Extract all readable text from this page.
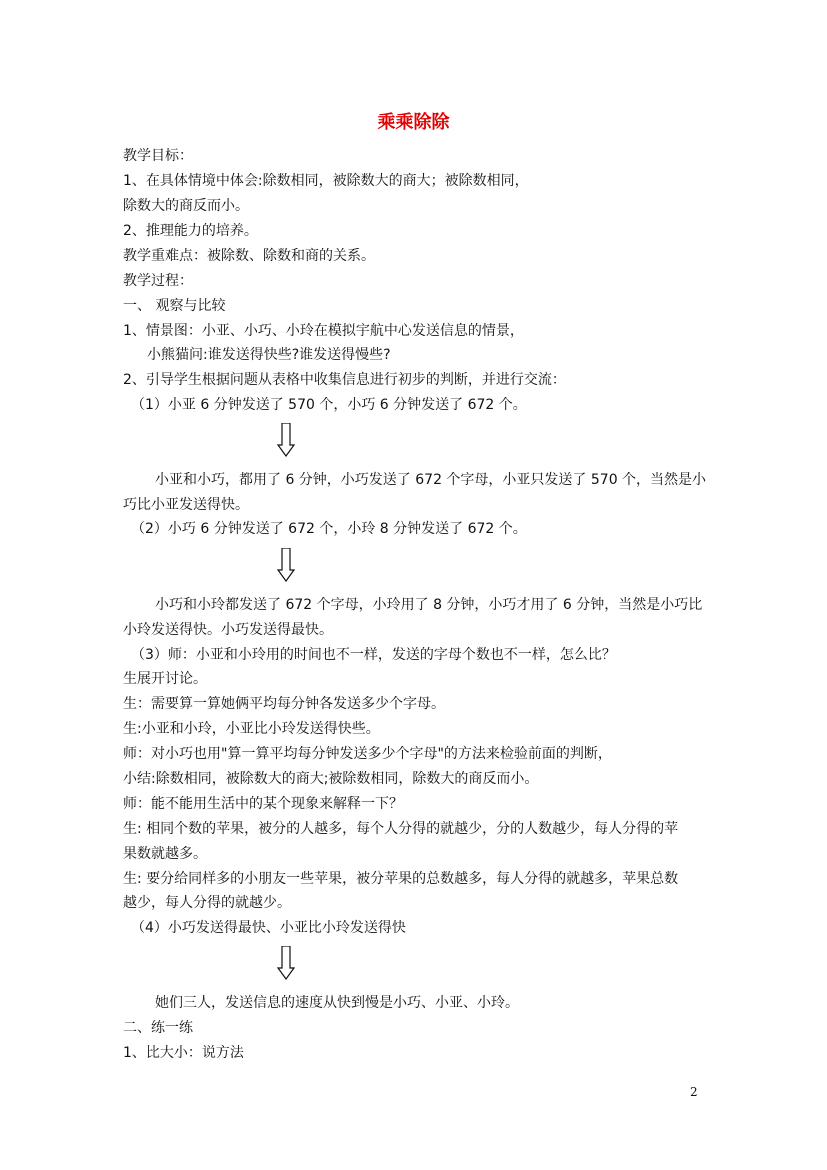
乘乘除除
教学目标：
1、在具体情境中体会:除数相同，被除数大的商大；被除数相同，
除数大的商反而小。
2、推理能力的培养。
教学重难点：被除数、除数和商的关系。
教学过程：
一、 观察与比较
1、情景图：小亚、小巧、小玲在模拟宇航中心发送信息的情景，
小熊猫问:谁发送得快些?谁发送得慢些?
2、引导学生根据问题从表格中收集信息进行初步的判断，并进行交流：
（1）小亚 6 分钟发送了 570 个，小巧 6 分钟发送了 672 个。
小亚和小巧，都用了 6 分钟，小巧发送了 672 个字母，小亚只发送了 570 个，当然是小
巧比小亚发送得快。
（2）小巧 6 分钟发送了 672 个，小玲 8 分钟发送了 672 个。
小巧和小玲都发送了 672 个字母，小玲用了 8 分钟，小巧才用了 6 分钟，当然是小巧比
小玲发送得快。小巧发送得最快。
（3）师：小亚和小玲用的时间也不一样，发送的字母个数也不一样，怎么比？
生展开讨论。
生：需要算一算她俩平均每分钟各发送多少个字母。
生:小亚和小玲，小亚比小玲发送得快些。
师：对小巧也用"算一算平均每分钟发送多少个字母"的方法来检验前面的判断，
小结:除数相同，被除数大的商大;被除数相同，除数大的商反而小。
师：能不能用生活中的某个现象来解释一下？
生: 相同个数的苹果，被分的人越多，每个人分得的就越少，分的人数越少，每人分得的苹
果数就越多。
生: 要分给同样多的小朋友一些苹果，被分苹果的总数越多，每人分得的就越多，苹果总数
越少，每人分得的就越少。
（4）小巧发送得最快、小亚比小玲发送得快
她们三人，发送信息的速度从快到慢是小巧、小亚、小玲。
二、练一练
1、比大小：说方法
2
